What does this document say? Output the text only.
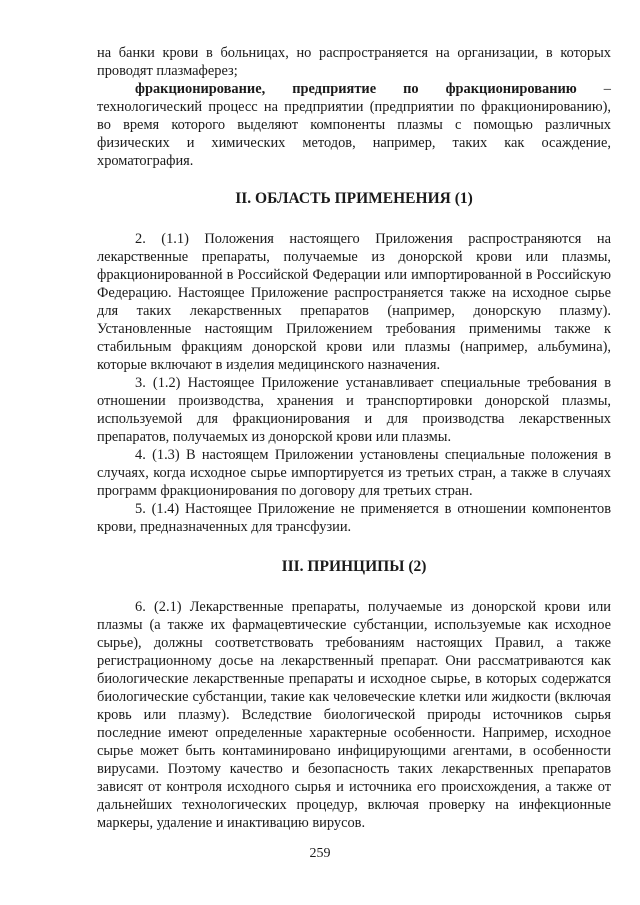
на банки крови в больницах, но распространяется на организации, в которых проводят плазмаферез;

фракционирование, предприятие по фракционированию – технологический процесс на предприятии (предприятии по фракционированию), во время которого выделяют компоненты плазмы с помощью различных физических и химических методов, например, таких как осаждение, хроматография.

II. ОБЛАСТЬ ПРИМЕНЕНИЯ (1)

2. (1.1) Положения настоящего Приложения распространяются на лекарственные препараты, получаемые из донорской крови или плазмы, фракционированной в Российской Федерации или импортированной в Российскую Федерацию. Настоящее Приложение распространяется также на исходное сырье для таких лекарственных препаратов (например, донорскую плазму). Установленные настоящим Приложением требования применимы также к стабильным фракциям донорской крови или плазмы (например, альбумина), которые включают в изделия медицинского назначения.

3. (1.2) Настоящее Приложение устанавливает специальные требования в отношении производства, хранения и транспортировки донорской плазмы, используемой для фракционирования и для производства лекарственных препаратов, получаемых из донорской крови или плазмы.

4. (1.3) В настоящем Приложении установлены специальные положения в случаях, когда исходное сырье импортируется из третьих стран, а также в случаях программ фракционирования по договору для третьих стран.

5. (1.4) Настоящее Приложение не применяется в отношении компонентов крови, предназначенных для трансфузии.

III. ПРИНЦИПЫ (2)

6. (2.1) Лекарственные препараты, получаемые из донорской крови или плазмы (а также их фармацевтические субстанции, используемые как исходное сырье), должны соответствовать требованиям настоящих Правил, а также регистрационному досье на лекарственный препарат. Они рассматриваются как биологические лекарственные препараты и исходное сырье, в которых содержатся биологические субстанции, такие как человеческие клетки или жидкости (включая кровь или плазму). Вследствие биологической природы источников сырья последние имеют определенные характерные особенности. Например, исходное сырье может быть контаминировано инфицирующими агентами, в особенности вирусами. Поэтому качество и безопасность таких лекарственных препаратов зависят от контроля исходного сырья и источника его происхождения, а также от дальнейших технологических процедур, включая проверку на инфекционные маркеры, удаление и инактивацию вирусов.

259
